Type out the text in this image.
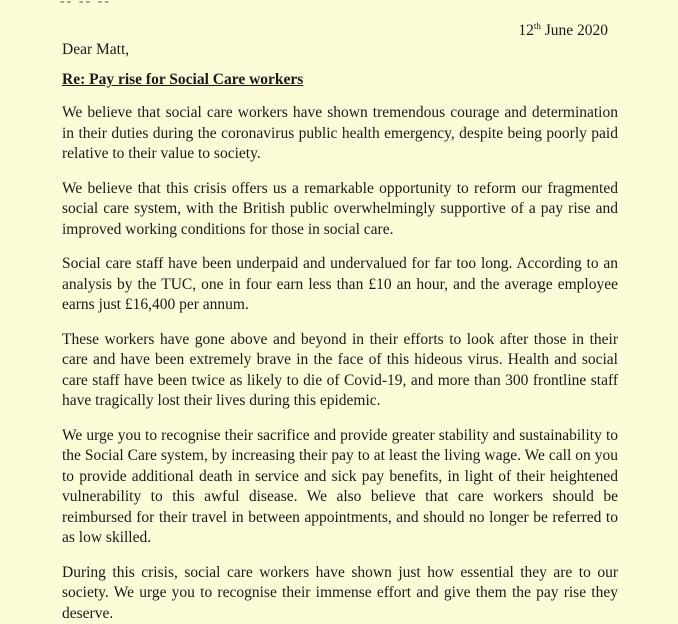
-- -- --
12th June 2020
Dear Matt,
Re: Pay rise for Social Care workers

We believe that social care workers have shown tremendous courage and determination in their duties during the coronavirus public health emergency, despite being poorly paid relative to their value to society.

We believe that this crisis offers us a remarkable opportunity to reform our fragmented social care system, with the British public overwhelmingly supportive of a pay rise and improved working conditions for those in social care.

Social care staff have been underpaid and undervalued for far too long. According to an analysis by the TUC, one in four earn less than £10 an hour, and the average employee earns just £16,400 per annum.

These workers have gone above and beyond in their efforts to look after those in their care and have been extremely brave in the face of this hideous virus. Health and social care staff have been twice as likely to die of Covid-19, and more than 300 frontline staff have tragically lost their lives during this epidemic.

We urge you to recognise their sacrifice and provide greater stability and sustainability to the Social Care system, by increasing their pay to at least the living wage. We call on you to provide additional death in service and sick pay benefits, in light of their heightened vulnerability to this awful disease. We also believe that care workers should be reimbursed for their travel in between appointments, and should no longer be referred to as low skilled.

During this crisis, social care workers have shown just how essential they are to our society. We urge you to recognise their immense effort and give them the pay rise they deserve.
